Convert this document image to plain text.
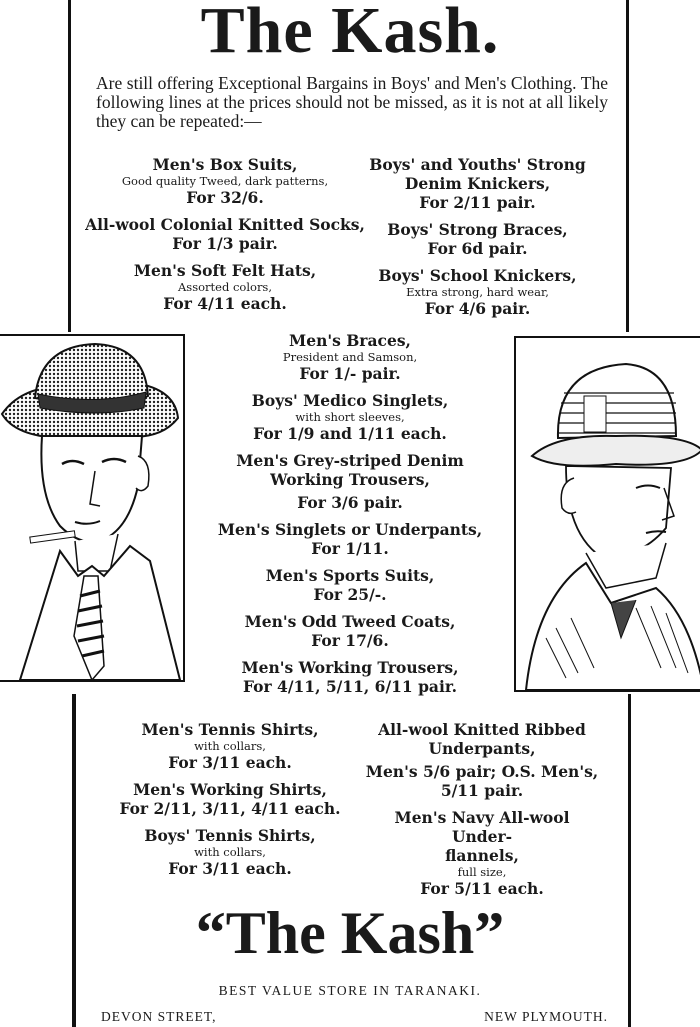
The Kash.
Are still offering Exceptional Bargains in Boys' and Men's Clothing. The following lines at the prices should not be missed, as it is not at all likely they can be repeated:—
Men's Box Suits,
Good quality Tweed, dark patterns,
For 32/6.
All-wool Colonial Knitted Socks,
For 1/3 pair.
Men's Soft Felt Hats,
Assorted colors,
For 4/11 each.
Boys' and Youths' Strong
Denim Knickers,
For 2/11 pair.
Boys' Strong Braces,
For 6d pair.
Boys' School Knickers,
Extra strong, hard wear,
For 4/6 pair.
Men's Braces,
President and Samson,
For 1/- pair.
Boys' Medico Singlets,
with short sleeves,
For 1/9 and 1/11 each.
Men's Grey-striped Denim
Working Trousers,
For 3/6 pair.
Men's Singlets or Underpants,
For 1/11.
Men's Sports Suits,
For 25/-.
Men's Odd Tweed Coats,
For 17/6.
Men's Working Trousers,
For 4/11, 5/11, 6/11 pair.
Men's Tennis Shirts,
with collars,
For 3/11 each.
Men's Working Shirts,
For 2/11, 3/11, 4/11 each.
Boys' Tennis Shirts,
with collars,
For 3/11 each.
All-wool Knitted Ribbed
Underpants,
Men's 5/6 pair; O.S. Men's, 5/11 pair.
Men's Navy All-wool Under-
flannels,
full size,
For 5/11 each.
“The Kash”
BEST VALUE STORE IN TARANAKI.
DEVON STREET,	NEW PLYMOUTH.
